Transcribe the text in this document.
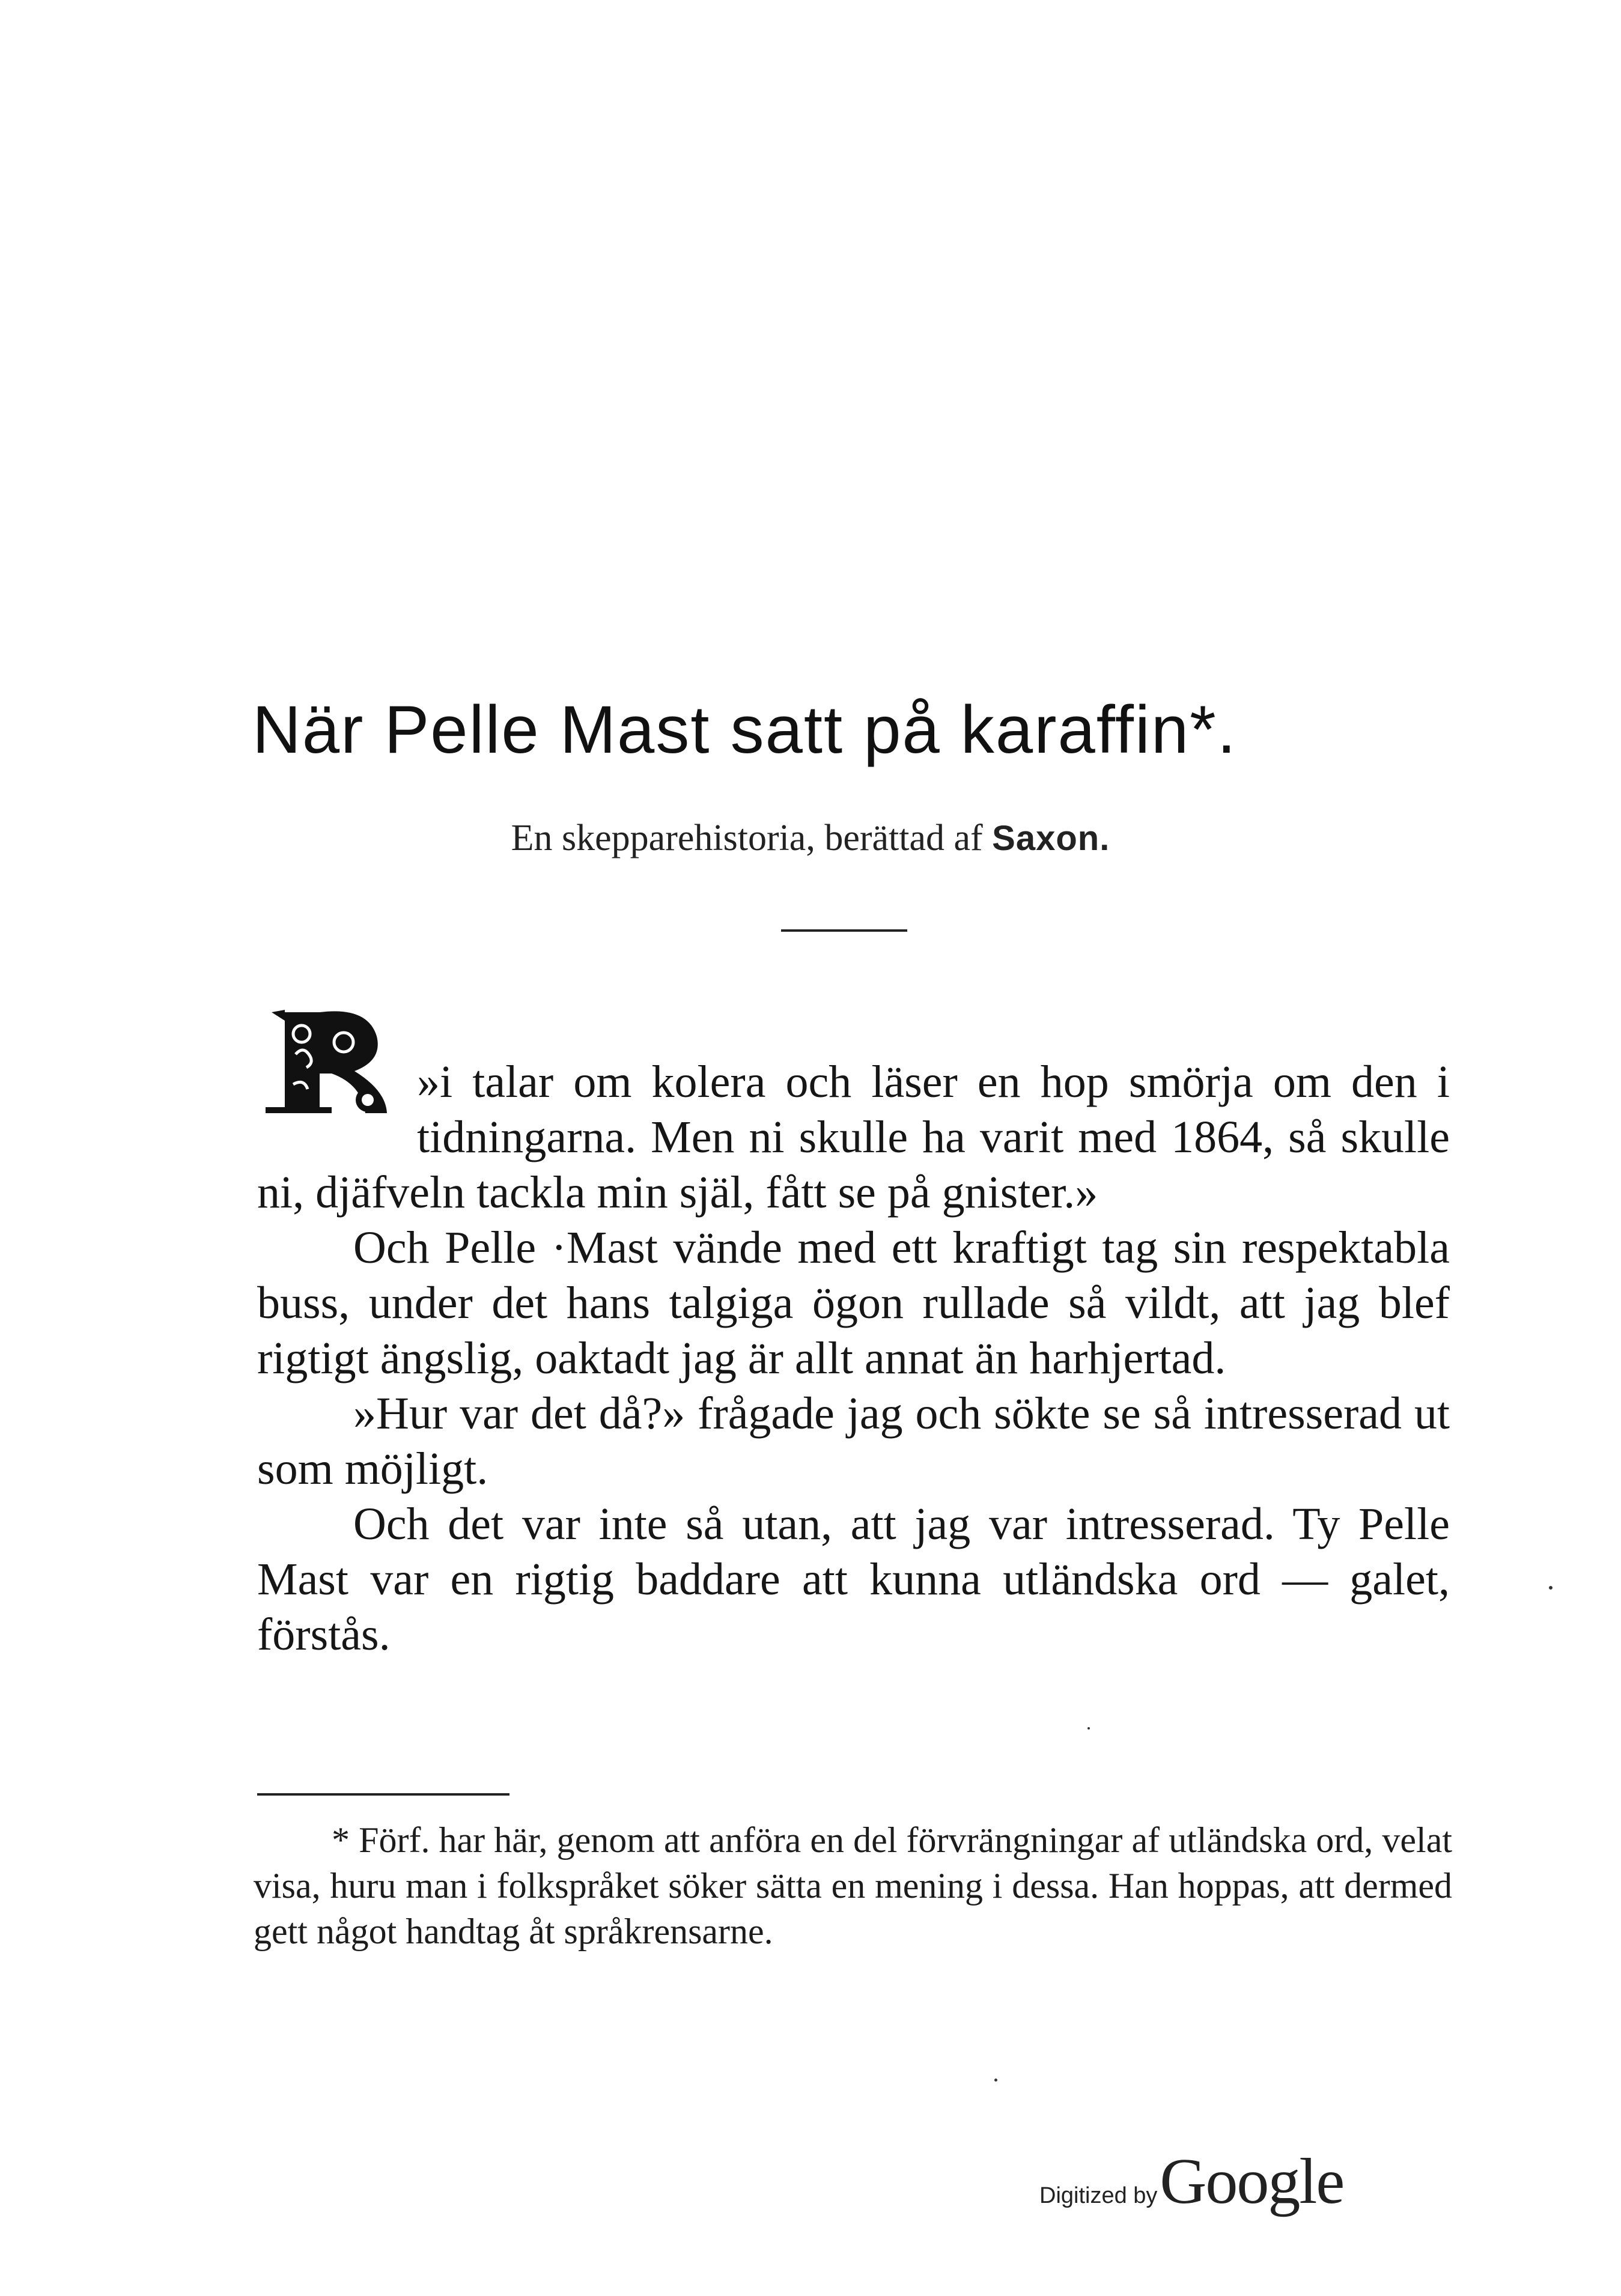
När Pelle Mast satt på karaffin*.
En skepparehistoria, berättad af Saxon.

»i talar om kolera och läser en hop smörja om den i tidningarna. Men ni skulle ha varit med 1864, så skulle ni, djäfveln tackla min själ, fått se på gnister.»

Och Pelle ·Mast vände med ett kraftigt tag sin respektabla buss, under det hans talgiga ögon rullade så vildt, att jag blef rigtigt ängslig, oaktadt jag är allt annat än harhjertad.

»Hur var det då?» frågade jag och sökte se så intresserad ut som möjligt.

Och det var inte så utan, att jag var intresserad. Ty Pelle Mast var en rigtig baddare att kunna utländska ord — galet, förstås.

* Förf. har här, genom att anföra en del förvrängningar af utländska ord, velat visa, huru man i folkspråket söker sätta en mening i dessa. Han hoppas, att dermed gett något handtag åt språkrensarne.

Digitized by Google
